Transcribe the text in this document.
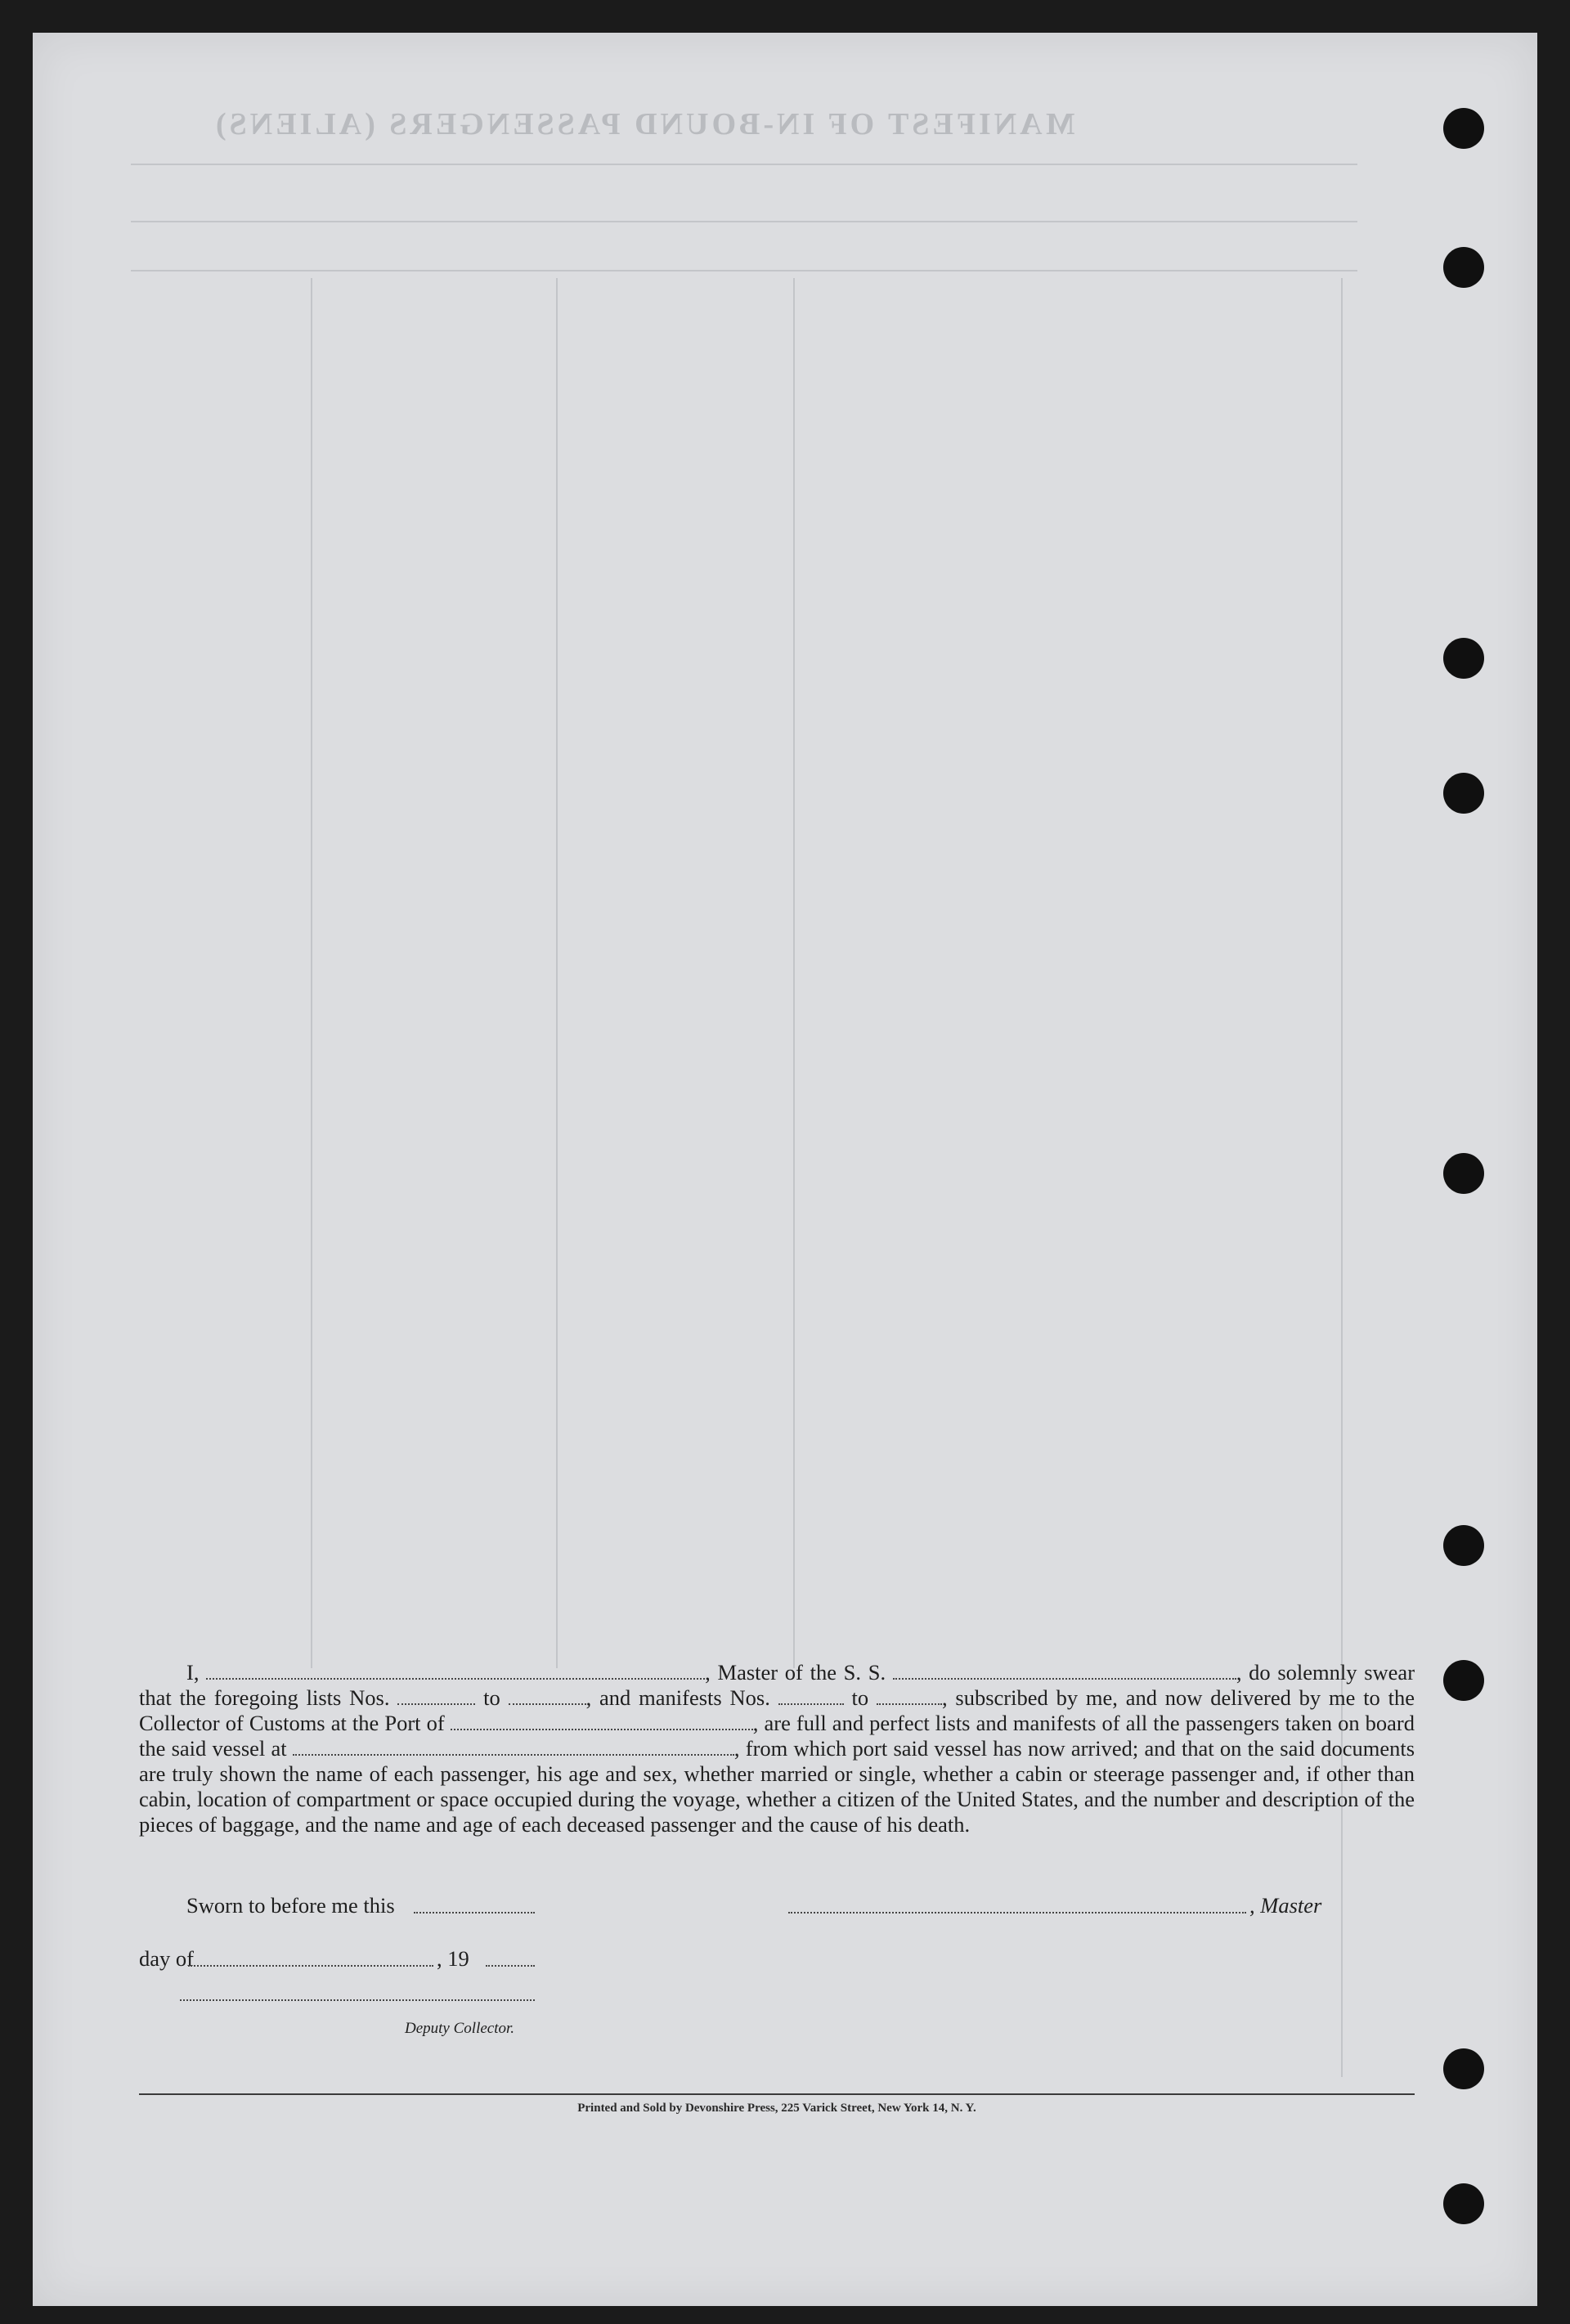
MANIFEST OF IN-BOUND PASSENGERS (ALIENS)
I,	, Master of the S. S.	, do solemnly swear that the foregoing lists Nos.	to	, and manifests Nos.	to	, subscribed by me, and now delivered by me to the Collector of Customs at the Port of	, are full and perfect lists and manifests of all the passengers taken on board the said vessel at	, from which port said vessel has now arrived; and that on the said documents are truly shown the name of each passenger, his age and sex, whether married or single, whether a cabin or steerage passenger and, if other than cabin, location of compartment or space occupied during the voyage, whether a citizen of the United States, and the number and description of the pieces of baggage, and the name and age of each deceased passenger and the cause of his death.
Sworn to before me this	, Master
day of	, 19
Deputy Collector.
Printed and Sold by Devonshire Press, 225 Varick Street, New York 14, N. Y.
